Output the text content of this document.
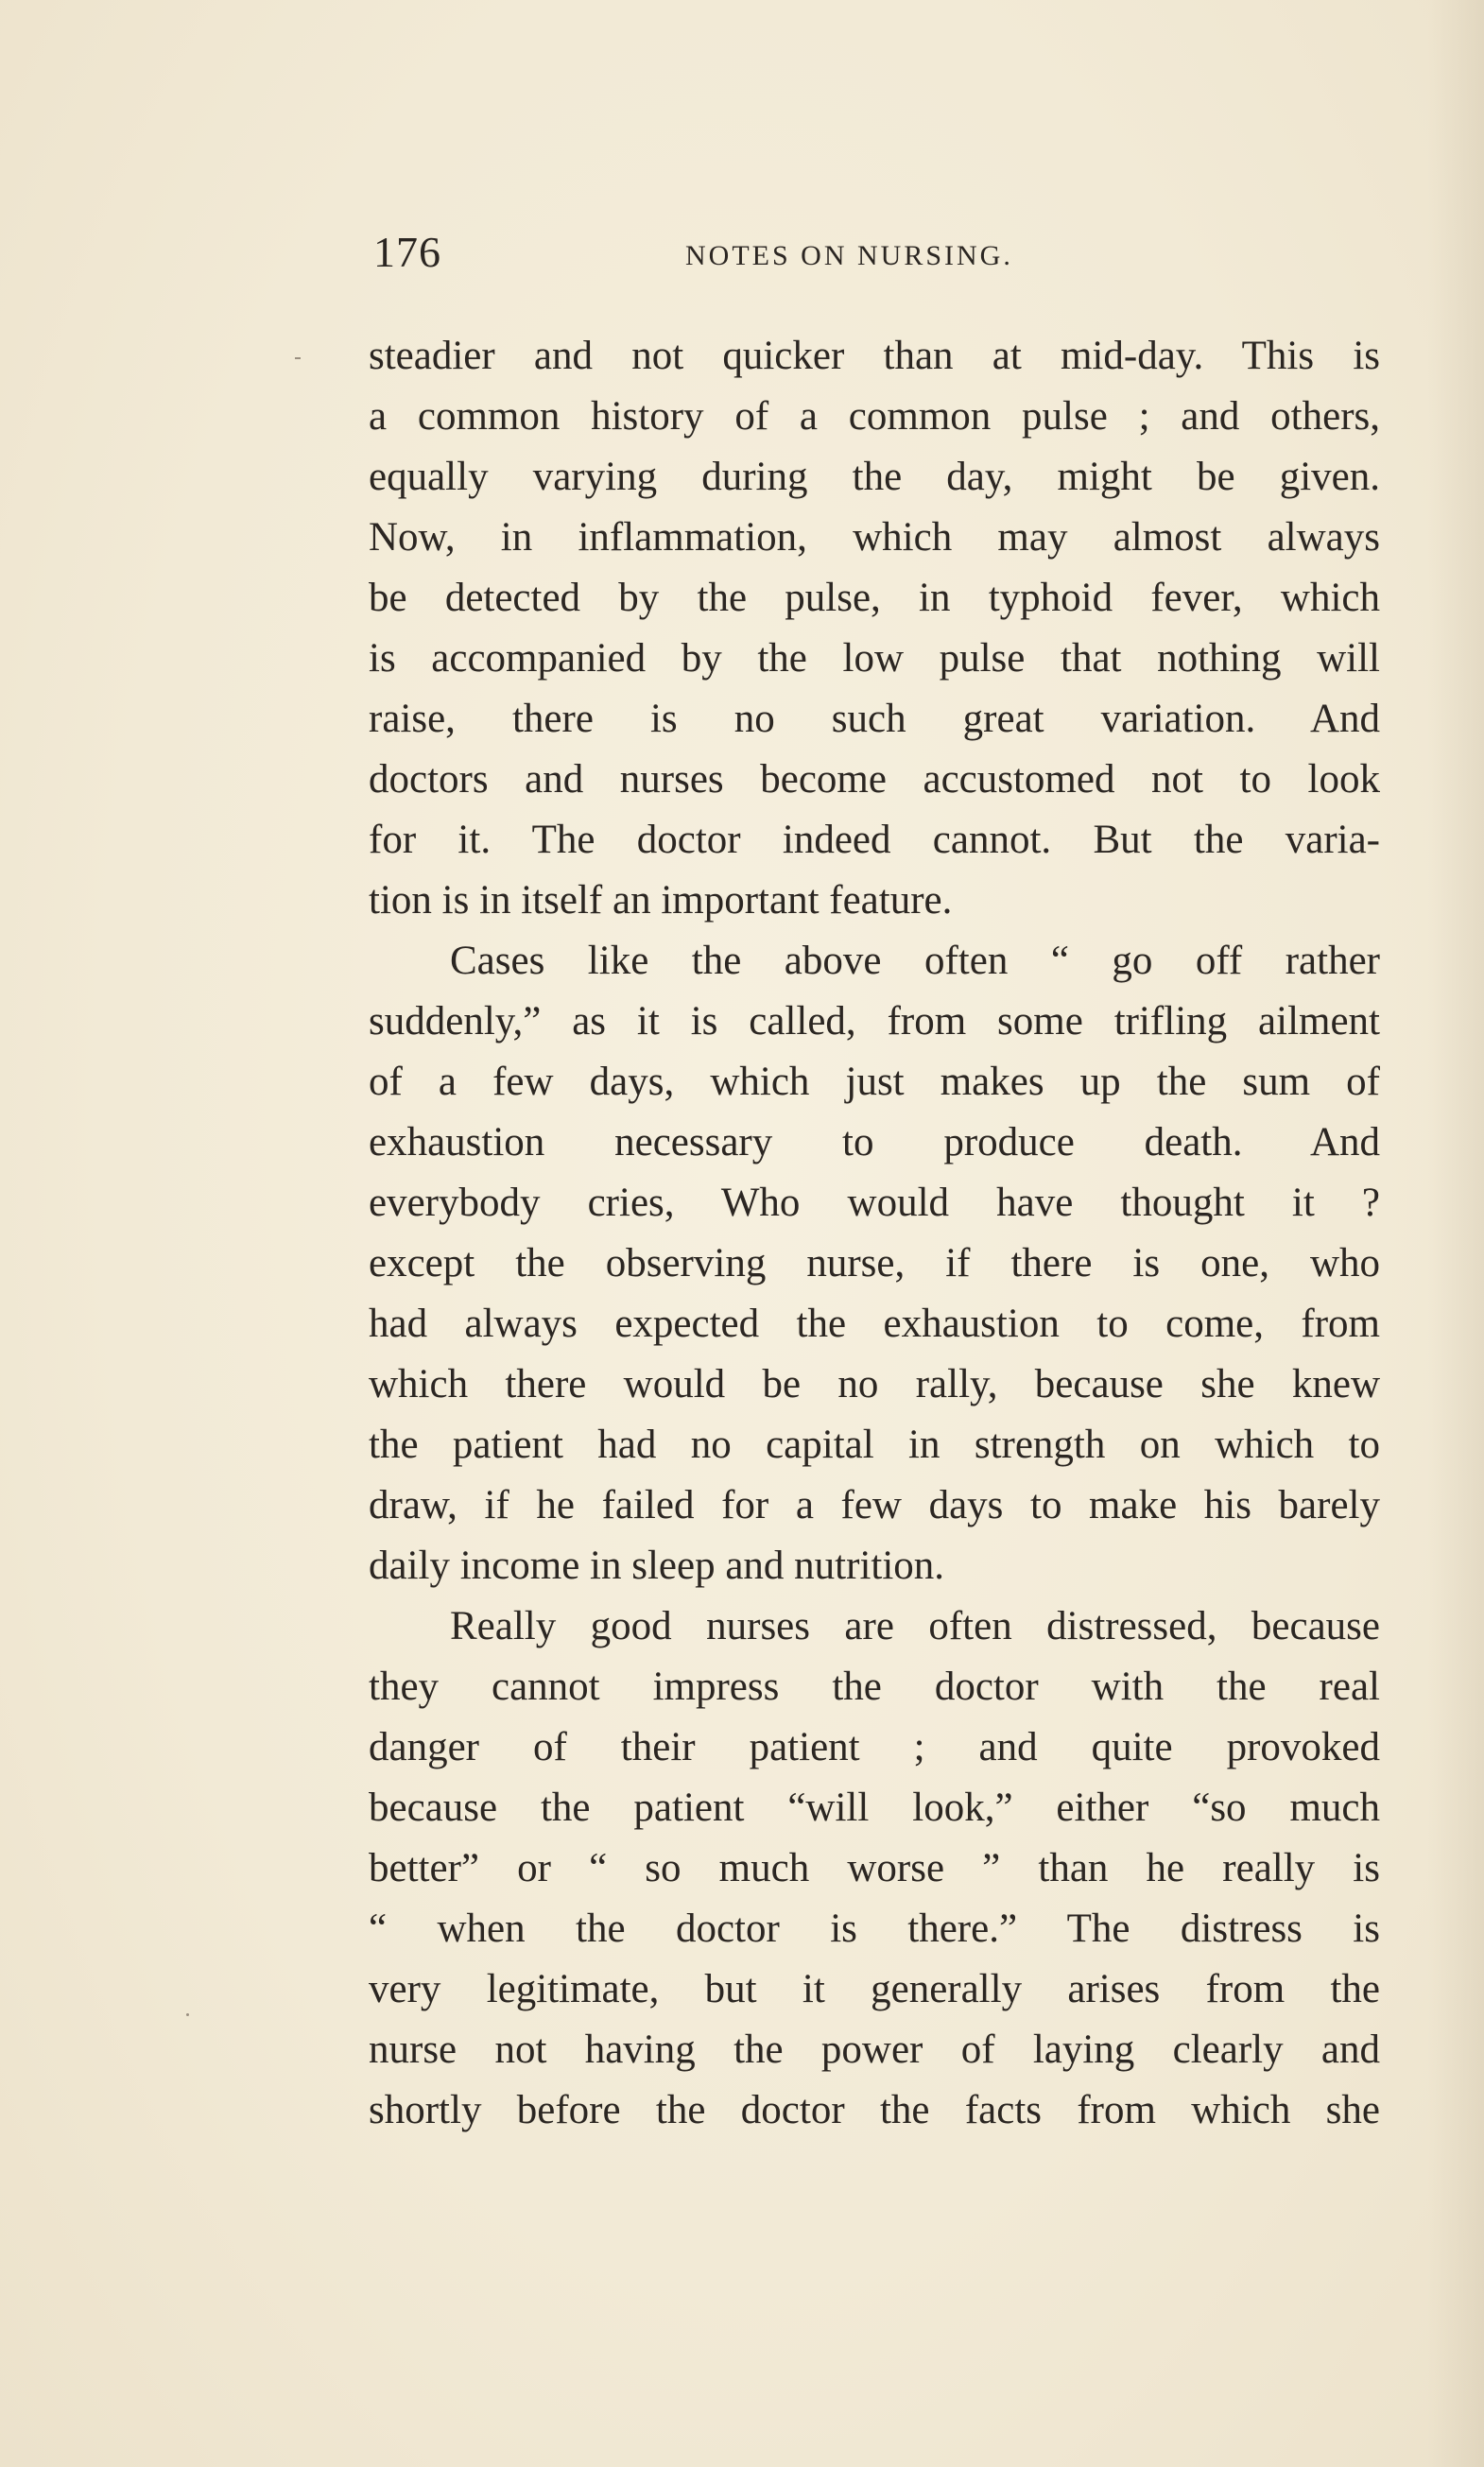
176	NOTES ON NURSING.
steadier and not quicker than at mid-day. This is
a common history of a common pulse ; and others,
equally varying during the day, might be given.
Now, in inflammation, which may almost always
be detected by the pulse, in typhoid fever, which
is accompanied by the low pulse that nothing will
raise, there is no such great variation. And
doctors and nurses become accustomed not to look
for it. The doctor indeed cannot. But the varia-
tion is in itself an important feature.
Cases like the above often “ go off rather
suddenly,” as it is called, from some trifling ailment
of a few days, which just makes up the sum of
exhaustion necessary to produce death. And
everybody cries, Who would have thought it ?
except the observing nurse, if there is one, who
had always expected the exhaustion to come, from
which there would be no rally, because she knew
the patient had no capital in strength on which to
draw, if he failed for a few days to make his barely
daily income in sleep and nutrition.
Really good nurses are often distressed, because
they cannot impress the doctor with the real
danger of their patient ; and quite provoked
because the patient “will look,” either “so much
better” or “ so much worse ” than he really is
“ when the doctor is there.” The distress is
very legitimate, but it generally arises from the
nurse not having the power of laying clearly and
shortly before the doctor the facts from which she
